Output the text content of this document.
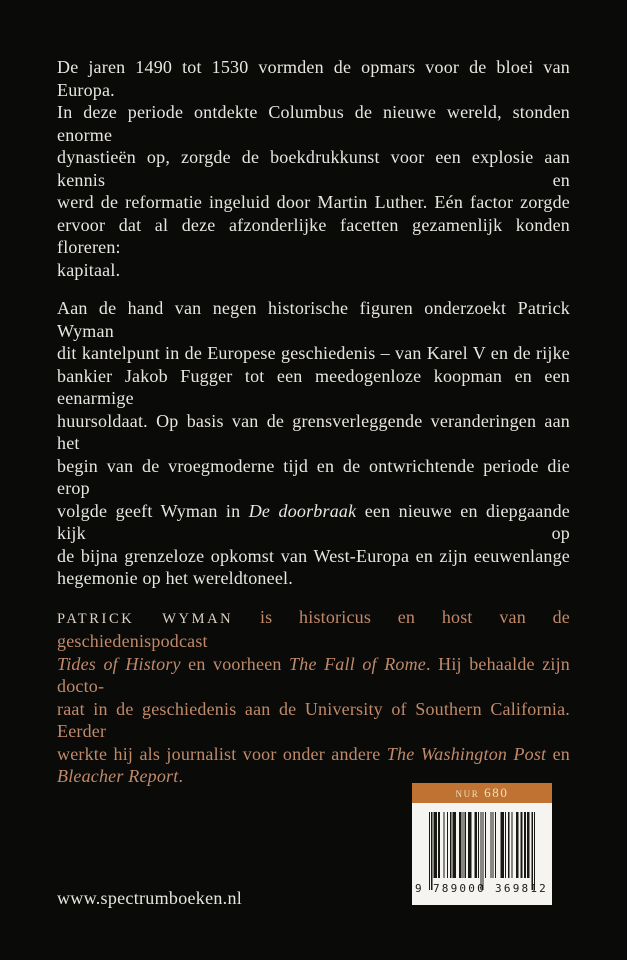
De jaren 1490 tot 1530 vormden de opmars voor de bloei van Europa.
In deze periode ontdekte Columbus de nieuwe wereld, stonden enorme
dynastieën op, zorgde de boekdrukkunst voor een explosie aan kennis en
werd de reformatie ingeluid door Martin Luther. Eén factor zorgde
ervoor dat al deze afzonderlijke facetten gezamenlijk konden floreren:
kapitaal.

Aan de hand van negen historische figuren onderzoekt Patrick Wyman
dit kantelpunt in de Europese geschiedenis – van Karel V en de rijke
bankier Jakob Fugger tot een meedogenloze koopman en een eenarmige
huursoldaat. Op basis van de grensverleggende veranderingen aan het
begin van de vroegmoderne tijd en de ontwrichtende periode die erop
volgde geeft Wyman in De doorbraak een nieuwe en diepgaande kijk op
de bijna grenzeloze opkomst van West-Europa en zijn eeuwenlange
hegemonie op het wereldtoneel.

PATRICK WYMAN is historicus en host van de geschiedenispodcast
Tides of History en voorheen The Fall of Rome. Hij behaalde zijn docto-
raat in de geschiedenis aan de University of Southern California. Eerder
werkte hij als journalist voor onder andere The Washington Post en
Bleacher Report.

nur 680
9 789000 369812
www.spectrumboeken.nl
